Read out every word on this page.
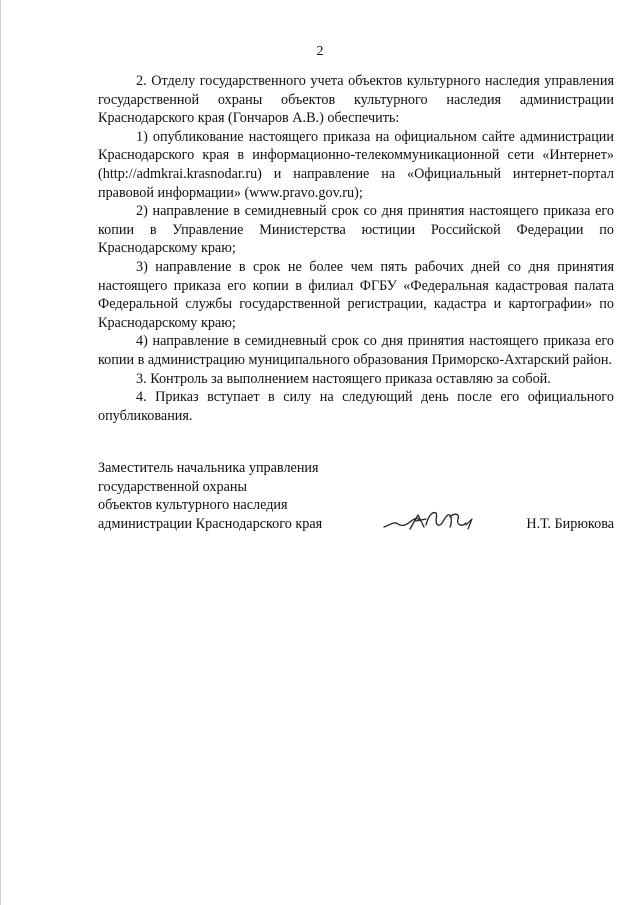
2

2. Отделу государственного учета объектов культурного наследия управления государственной охраны объектов культурного наследия администрации Краснодарского края (Гончаров А.В.) обеспечить:

1) опубликование настоящего приказа на официальном сайте администрации Краснодарского края в информационно-телекоммуникационной сети «Интернет» (http://admkrai.krasnodar.ru) и направление на «Официальный интернет-портал правовой информации» (www.pravo.gov.ru);

2) направление в семидневный срок со дня принятия настоящего приказа его копии в Управление Министерства юстиции Российской Федерации по Краснодарскому краю;

3) направление в срок не более чем пять рабочих дней со дня принятия настоящего приказа его копии в филиал ФГБУ «Федеральная кадастровая палата Федеральной службы государственной регистрации, кадастра и картографии» по Краснодарскому краю;

4) направление в семидневный срок со дня принятия настоящего приказа его копии в администрацию муниципального образования Приморско-Ахтарский район.

3. Контроль за выполнением настоящего приказа оставляю за собой.

4. Приказ вступает в силу на следующий день после его официального опубликования.

Заместитель начальника управления
государственной охраны
объектов культурного наследия
администрации Краснодарского края	Н.Т. Бирюкова
